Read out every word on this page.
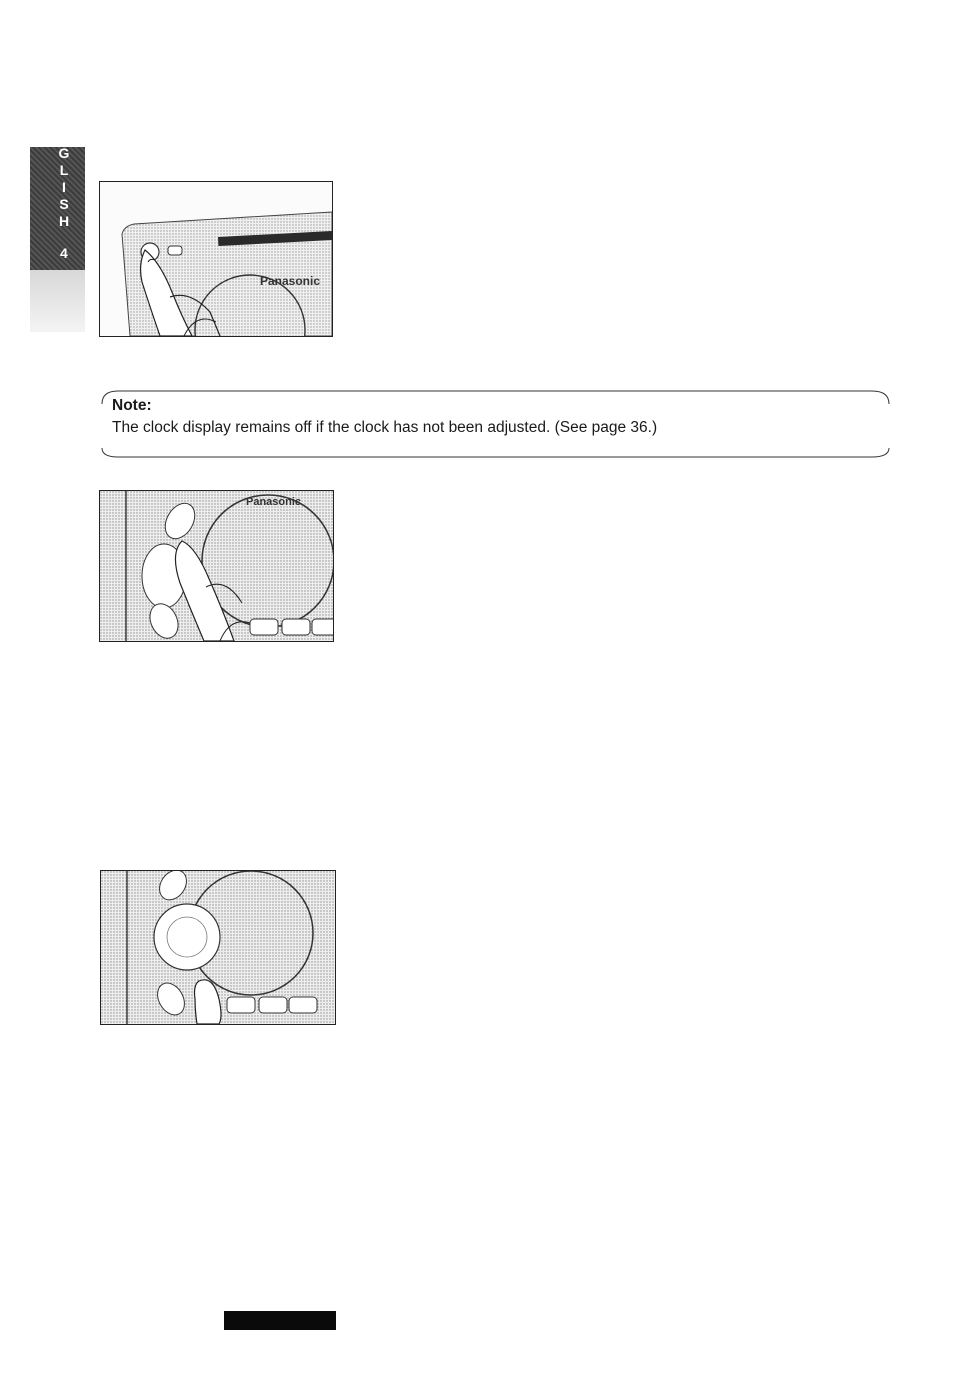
G
L
I
S
H
4
Panasonic
Note:
The clock display remains off if the clock has not been adjusted. (See page 36.)
Panasonic
